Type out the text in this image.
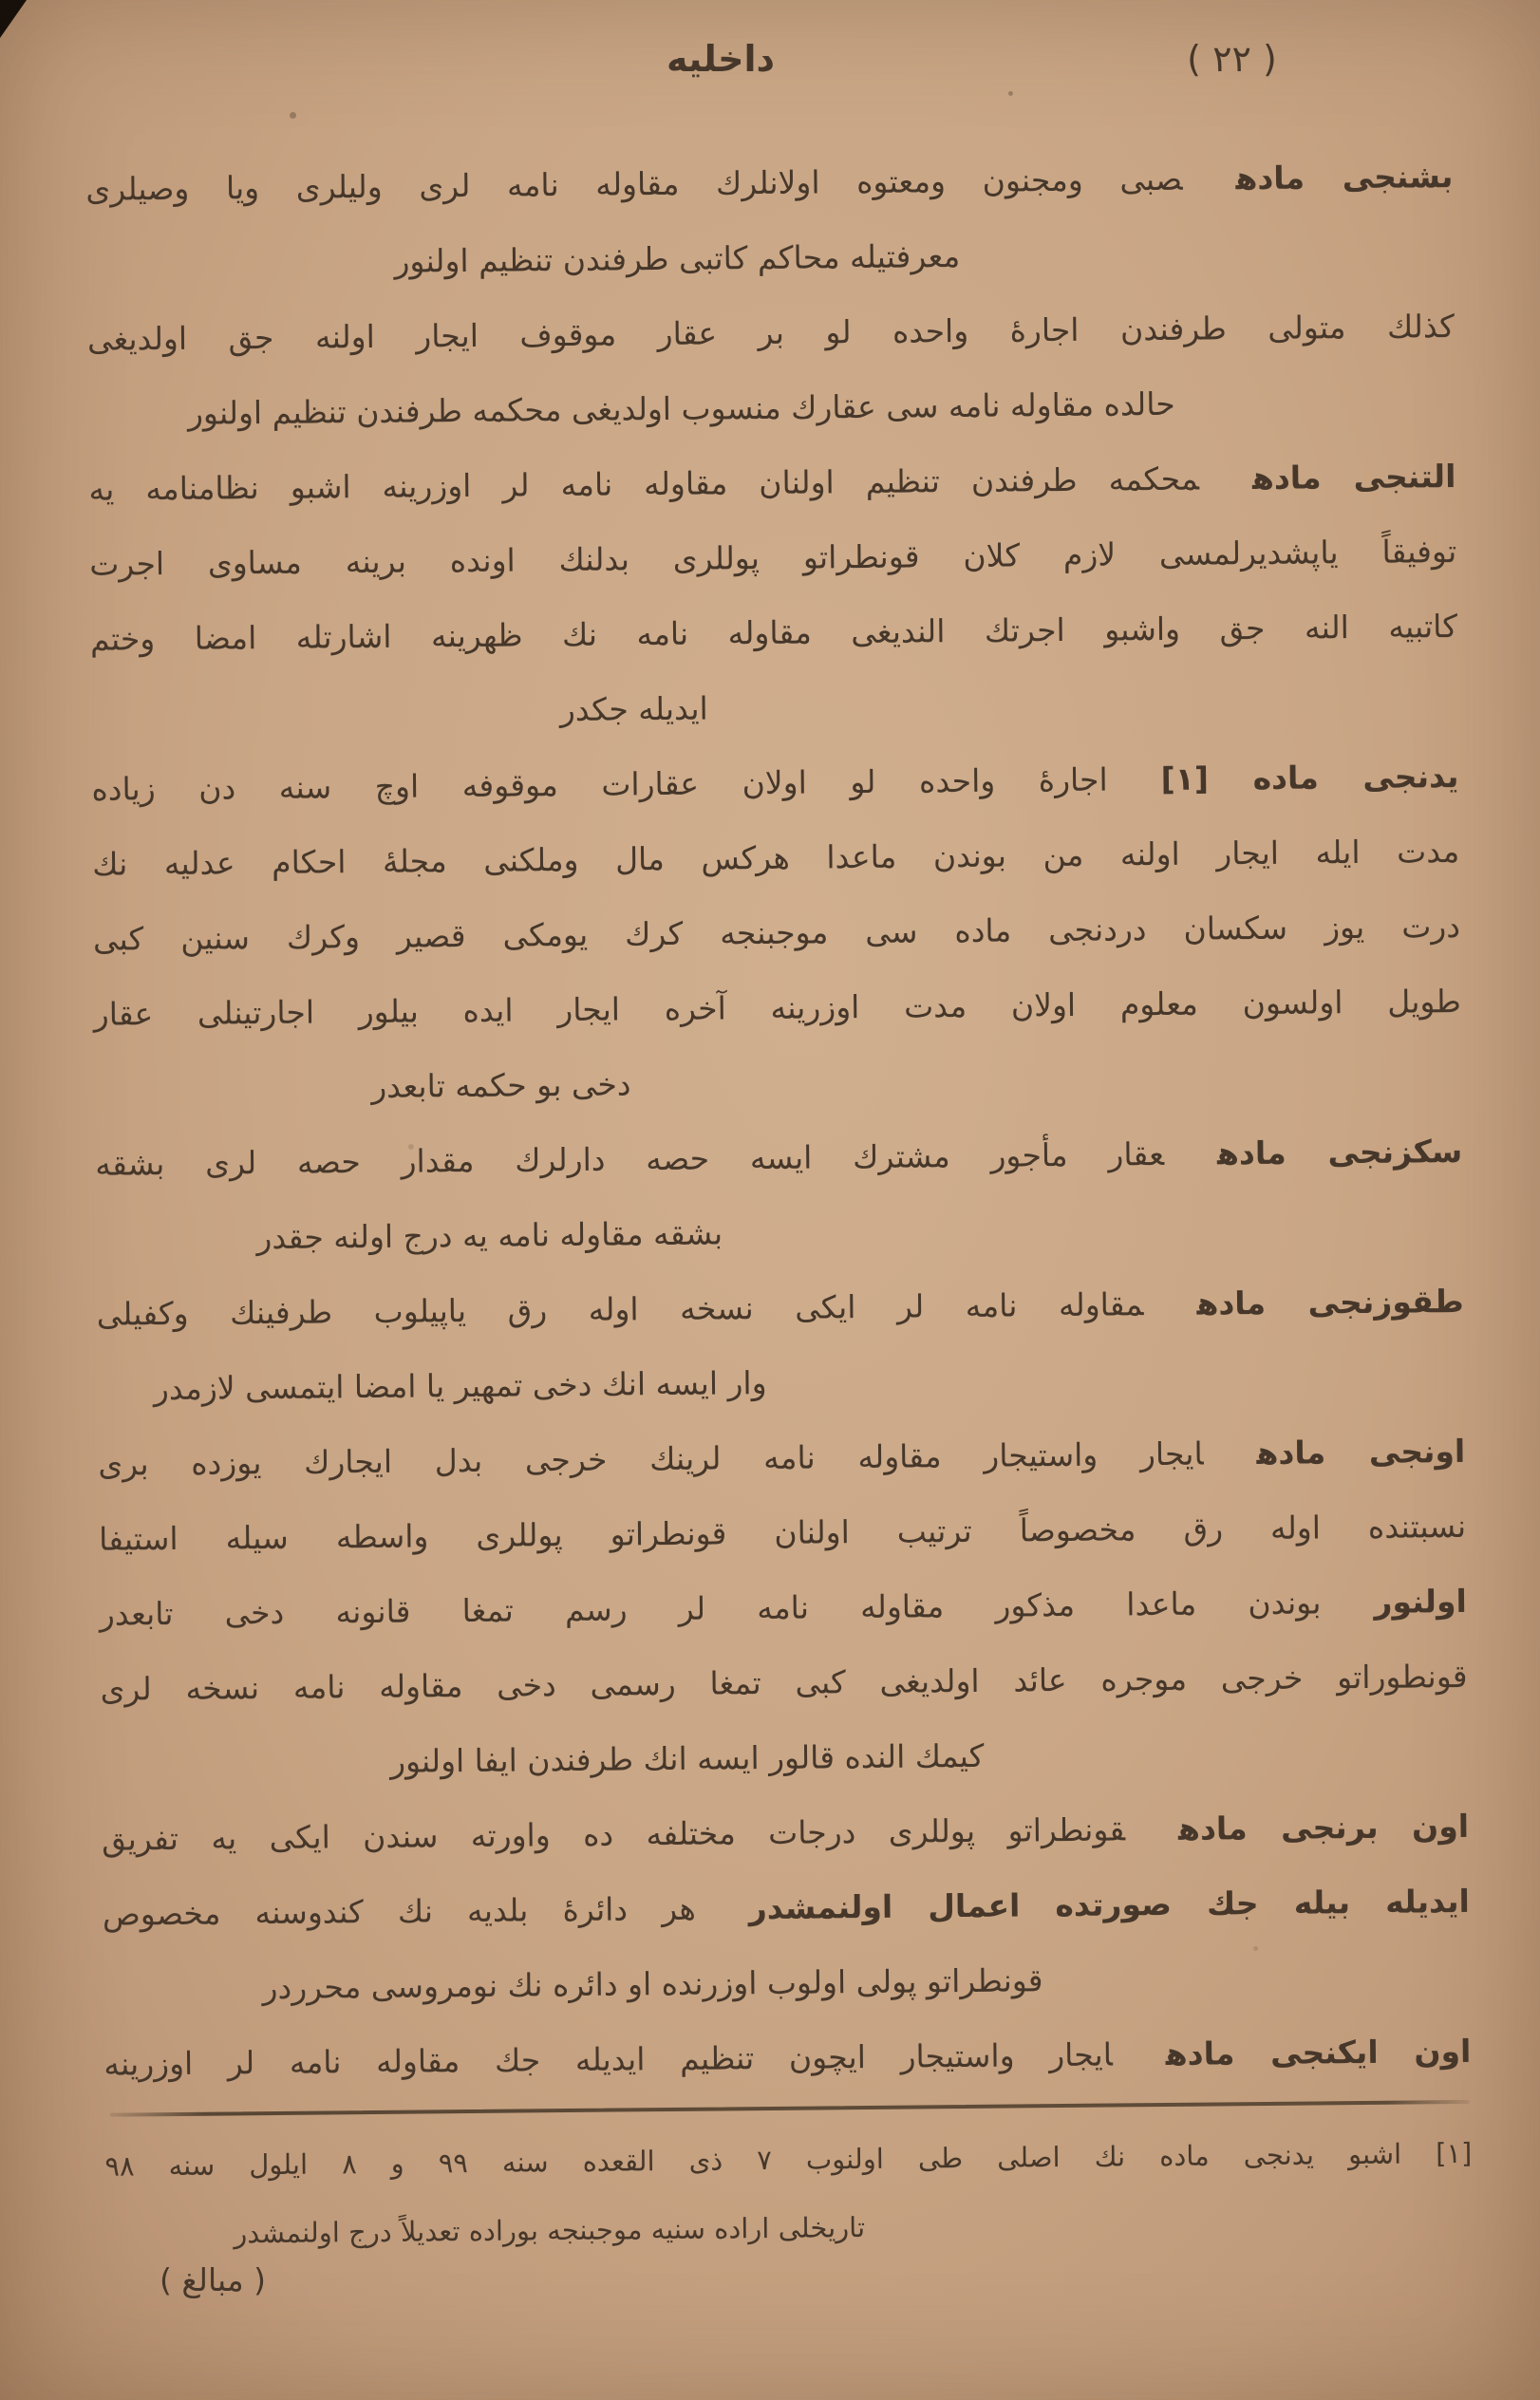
داخليه	( ٢٢ )
بشنجى مادهصبى ومجنون ومعتوه اولانلرك مقاوله نامه لرى وليلرى ويا وصيلرى
معرفتيله محاكم كاتبى طرفندن تنظيم اولنور
كذلك متولى طرفندن اجارهٔ واحده لو بر عقار موقوف ايجار اولنه جق اولديغى
حالده مقاوله نامه سى عقارك منسوب اولديغى محكمه طرفندن تنظيم اولنور
التنجى مادهمحكمه طرفندن تنظيم اولنان مقاوله نامه لر اوزرينه اشبو نظامنامه يه
توفيقاً ياپشديرلمسى لازم كلان قونطراتو پوللرى بدلنك اونده برينه مساوى اجرت
كاتبيه النه جق واشبو اجرتك النديغى مقاوله نامه نك ظهرينه اشارتله امضا وختم
ايديله جكدر
يدنجى ماده [١]اجارهٔ واحده لو اولان عقارات موقوفه اوچ سنه دن زياده
مدت ايله ايجار اولنه من بوندن ماعدا هركس مال وملكنى مجلهٔ احكام عدليه نك
درت يوز سكسان دردنجى ماده سى موجبنجه كرك يومكى قصير وكرك سنين كبى
طويل اولسون معلوم اولان مدت اوزرينه آخره ايجار ايده بيلور اجارتينلى عقار
دخى بو حكمه تابعدر
سكزنجى مادهعقار مأجور مشترك ايسه حصه دارلرك مقدار حصه لرى بشقه
بشقه مقاوله نامه يه درج اولنه جقدر
طقوزنجى مادهمقاوله نامه لر ايكى نسخه اوله رق ياپيلوب طرفينك وكفيلى
وار ايسه انك دخى تمهير يا امضا ايتمسى لازمدر
اونجى مادهايجار واستيجار مقاوله نامه لرينك خرجى بدل ايجارك يوزده برى
نسبتنده اوله رق مخصوصاً ترتيب اولنان قونطراتو پوللرى واسطه سيله استيفا
اولنوربوندن ماعدا مذكور مقاوله نامه لر رسم تمغا قانونه دخى تابعدر
قونطوراتو خرجى موجره عائد اولديغى كبى تمغا رسمى دخى مقاوله نامه نسخه لرى
كيمك النده قالور ايسه انك طرفندن ايفا اولنور
اون برنجى مادهقونطراتو پوللرى درجات مختلفه ده واورته سندن ايكى يه تفريق
ايديله بيله جك صورتده اعمال اولنمشدرهر دائرهٔ بلديه نك كندوسنه مخصوص
قونطراتو پولى اولوب اوزرنده او دائره نك نومروسى محرردر
اون ايكنجى مادهايجار واستيجار ايچون تنظيم ايديله جك مقاوله نامه لر اوزرينه
[١] اشبو يدنجى ماده نك اصلى طى اولنوب ٧ ذى القعده سنه ٩٩ و ٨ ايلول سنه ٩٨
تاريخلى اراده سنيه موجبنجه بوراده تعديلاً درج اولنمشدر
( مبالغ )
